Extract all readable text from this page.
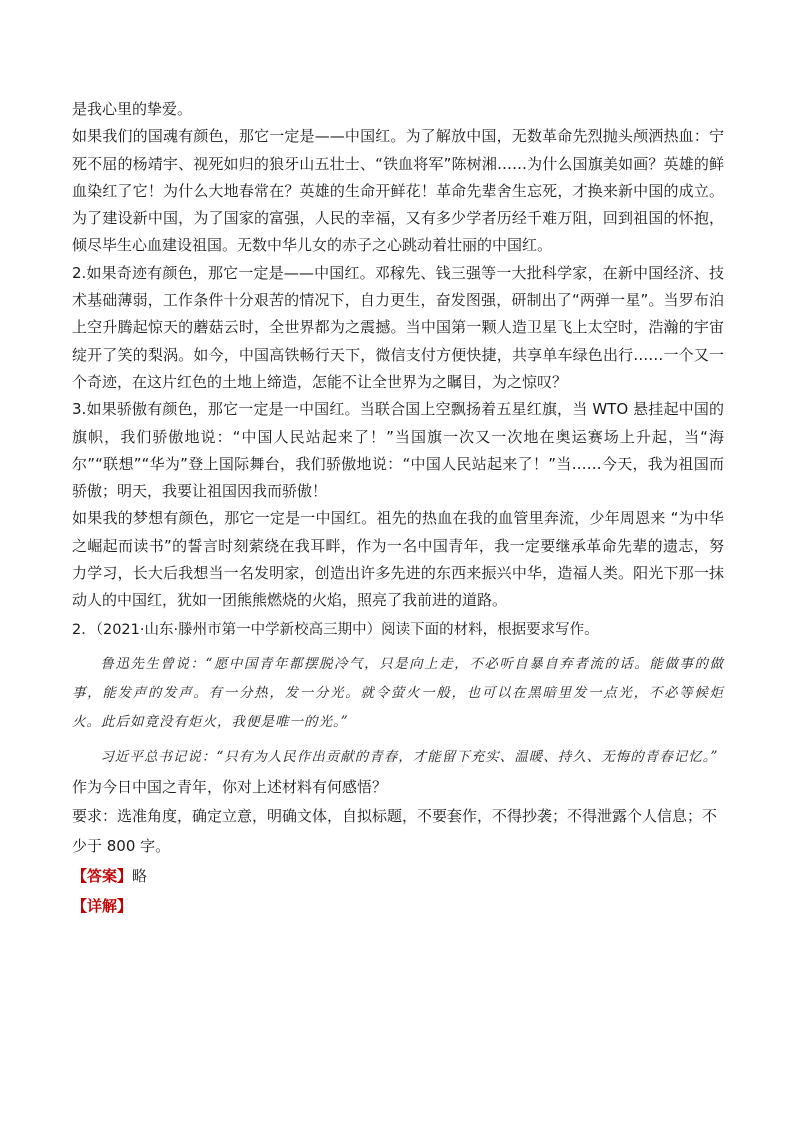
是我心里的挚爱。

如果我们的国魂有颜色，那它一定是——中国红。为了解放中国，无数革命先烈抛头颅洒热血：宁死不屈的杨靖宇、视死如归的狼牙山五壮士、“铁血将军”陈树湘……为什么国旗美如画？英雄的鲜血染红了它！为什么大地春常在？英雄的生命开鲜花！革命先辈舍生忘死，才换来新中国的成立。为了建设新中国，为了国家的富强，人民的幸福，又有多少学者历经千难万阻，回到祖国的怀抱，倾尽毕生心血建设祖国。无数中华儿女的赤子之心跳动着壮丽的中国红。

2.如果奇迹有颜色，那它一定是——中国红。邓稼先、钱三强等一大批科学家，在新中国经济、技术基础薄弱，工作条件十分艰苦的情况下，自力更生，奋发图强，研制出了“两弹一星”。当罗布泊上空升腾起惊天的蘑菇云时，全世界都为之震撼。当中国第一颗人造卫星飞上太空时，浩瀚的宇宙绽开了笑的梨涡。如今，中国高铁畅行天下，微信支付方便快捷，共享单车绿色出行……一个又一个奇迹，在这片红色的土地上缔造，怎能不让全世界为之瞩目，为之惊叹？

3.如果骄傲有颜色，那它一定是一中国红。当联合国上空飘扬着五星红旗，当 WTO 悬挂起中国的旗帜，我们骄傲地说：“中国人民站起来了！”当国旗一次又一次地在奥运赛场上升起，当“海尔”“联想”“华为”登上国际舞台，我们骄傲地说：“中国人民站起来了！”当……今天，我为祖国而骄傲；明天，我要让祖国因我而骄傲！

如果我的梦想有颜色，那它一定是一中国红。祖先的热血在我的血管里奔流，少年周恩来 “为中华之崛起而读书”的誓言时刻萦绕在我耳畔，作为一名中国青年，我一定要继承革命先辈的遗志，努力学习，长大后我想当一名发明家，创造出许多先进的东西来振兴中华，造福人类。阳光下那一抹动人的中国红，犹如一团熊熊燃烧的火焰，照亮了我前进的道路。

2．（2021·山东·滕州市第一中学新校高三期中）阅读下面的材料，根据要求写作。

鲁迅先生曾说：“愿中国青年都摆脱冷气，只是向上走，不必听自暴自弃者流的话。能做事的做事，能发声的发声。有一分热，发一分光。就令萤火一般，也可以在黑暗里发一点光，不必等候炬火。此后如竟没有炬火，我便是唯一的光。”

习近平总书记说：“只有为人民作出贡献的青春，才能留下充实、温暖、持久、无悔的青春记忆。”

作为今日中国之青年，你对上述材料有何感悟？

要求：选准角度，确定立意，明确文体，自拟标题，不要套作，不得抄袭；不得泄露个人信息；不少于 800 字。

【答案】略

【详解】
